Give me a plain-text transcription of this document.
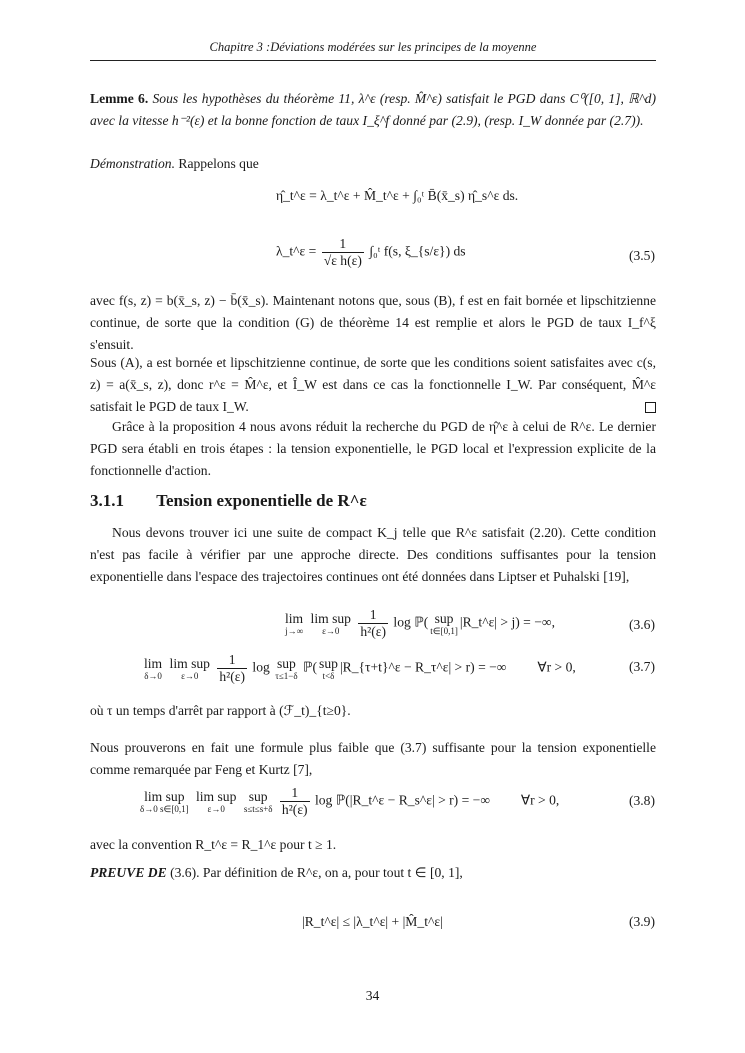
Chapitre 3 :Déviations modérées sur les principes de la moyenne
Lemme 6. Sous les hypothèses du théorème 11, λ^ε (resp. M̂^ε) satisfait le PGD dans C⁰([0, 1], ℝ^d) avec la vitesse h⁻²(ε) et la bonne fonction de taux I_ξ^f donné par (2.9), (resp. I_W donnée par (2.7)).
Démonstration. Rappelons que
η̂_t^ε = λ_t^ε + M̂_t^ε + ∫₀ᵗ B̄(x̄_s) η̂_s^ε ds.
λ_t^ε = $\frac{1}{\text{√ε h(ε)}}$ ∫₀ᵗ f(s, ξ_{s/ε}) ds	(3.5)
avec f(s, z) = b(x̄_s, z) − b̄(x̄_s). Maintenant notons que, sous (B), f est en fait bornée et lipschitzienne continue, de sorte que la condition (G) de théorème 14 est remplie et alors le PGD de taux I_f^ξ s'ensuit.
Sous (A), a est bornée et lipschitzienne continue, de sorte que les conditions soient satisfaites avec c(s, z) = a(x̄_s, z), donc r^ε = M̂^ε, et Î_W est dans ce cas la fonctionnelle I_W. Par conséquent, M̂^ε satisfait le PGD de taux I_W.
Grâce à la proposition 4 nous avons réduit la recherche du PGD de η̂^ε à celui de R^ε. Le dernier PGD sera établi en trois étapes : la tension exponentielle, le PGD local et l'expression explicite de la fonctionnelle d'action.
3.1.1 Tension exponentielle de R^ε
Nous devons trouver ici une suite de compact K_j telle que R^ε satisfait (2.20). Cette condition n'est pas facile à vérifier par une approche directe. Des conditions suffisantes pour la tension exponentielle dans l'espace des trajectoires continues ont été données dans Liptser et Puhalski [19],
lim
j→∞

lim sup
ε→0
	$\frac{1}{\text{h²(ε)}}$ log ℙ( sup
t∈[0,1]
|R_t^ε| > j) = −∞,	(3.6)
lim
δ→0

lim sup
ε→0
	$\frac{1}{\text{h²(ε)}}$ log sup
τ≤1−δ
ℙ( sup
t<δ
|R_{τ+t}^ε − R_τ^ε| > r) = −∞ ∀r > 0,	(3.7)
où τ un temps d'arrêt par rapport à (ℱ_t)_{t≥0}.
Nous prouverons en fait une formule plus faible que (3.7) suffisante pour la tension exponentielle comme remarquée par Feng et Kurtz [7],
lim sup
δ→0 s∈[0,1]

lim sup
ε→0

sup
s≤t≤s+δ
$\frac{1}{\text{h²(ε)}}$ log ℙ(|R_t^ε − R_s^ε| > r) = −∞ ∀r > 0,	(3.8)
avec la convention R_t^ε = R_1^ε pour t ≥ 1.
PREUVE DE (3.6). Par définition de R^ε, on a, pour tout t ∈ [0, 1],
|R_t^ε| ≤ |λ_t^ε| + |M̂_t^ε|	(3.9)
34
